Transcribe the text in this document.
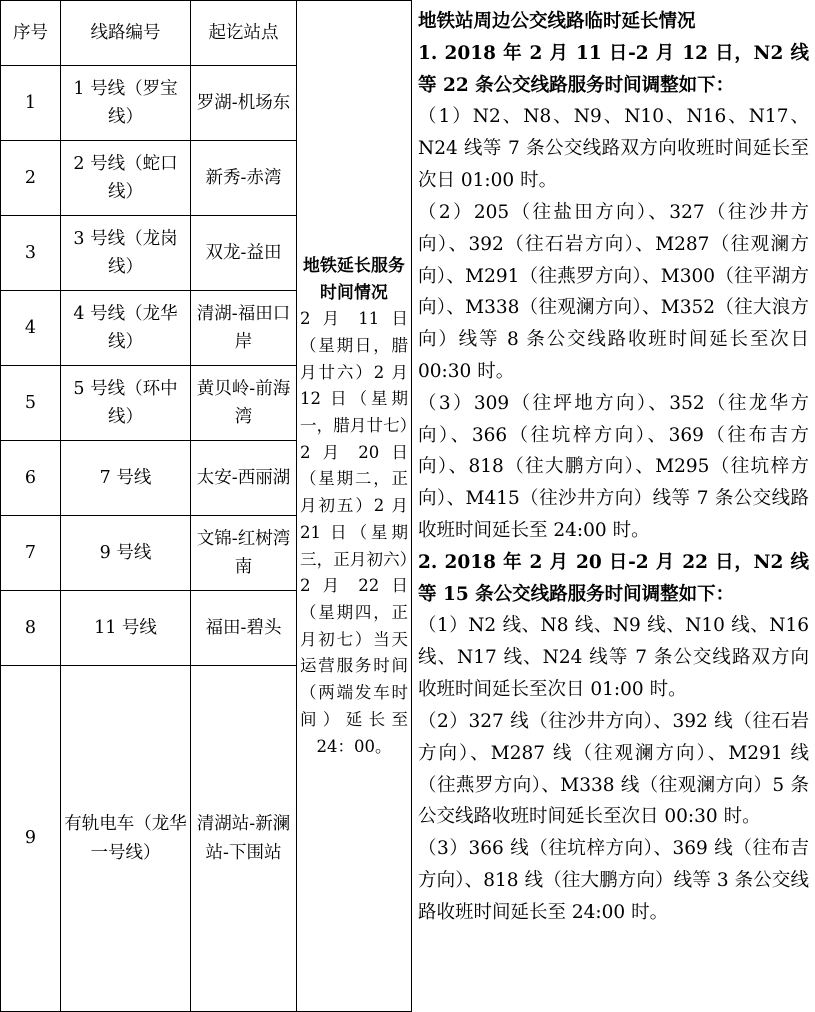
序号	线路编号	起讫站点	地铁延长服务时间情况
2 月 11 日（星期日，腊月廿六）2 月 12 日（星期一，腊月廿七）2 月 20 日（星期二，正月初五）2 月 21 日（星期三，正月初六）2 月 22 日（星期四，正月初七）当天运营服务时间（两端发车时间）延长至 24：00。

1	1 号线（罗宝线）	罗湖-机场东	
2	2 号线（蛇口线）	新秀-赤湾	
3	3 号线（龙岗线）	双龙-益田	
4	4 号线（龙华线）	清湖-福田口岸	
5	5 号线（环中线）	黄贝岭-前海湾	
6	7 号线	太安-西丽湖	
7	9 号线	文锦-红树湾南	
8	11 号线	福田-碧头	
9	有轨电车（龙华一号线）	清湖站-新澜站-下围站	

地铁站周边公交线路临时延长情况

1. 2018 年 2 月 11 日-2 月 12 日，N2 线等 22 条公交线路服务时间调整如下：

（1）N2、N8、N9、N10、N16、N17、N24 线等 7 条公交线路双方向收班时间延长至次日 01:00 时。

（2）205（往盐田方向）、327（往沙井方向）、392（往石岩方向）、M287（往观澜方向）、M291（往燕罗方向）、M300（往平湖方向）、M338（往观澜方向）、M352（往大浪方向）线等 8 条公交线路收班时间延长至次日 00:30 时。

（3）309（往坪地方向）、352（往龙华方向）、366（往坑梓方向）、369（往布吉方向）、818（往大鹏方向）、M295（往坑梓方向）、M415（往沙井方向）线等 7 条公交线路收班时间延长至 24:00 时。

2. 2018 年 2 月 20 日-2 月 22 日，N2 线等 15 条公交线路服务时间调整如下：

（1）N2 线、N8 线、N9 线、N10 线、N16 线、N17 线、N24 线等 7 条公交线路双方向收班时间延长至次日 01:00 时。

（2）327 线（往沙井方向）、392 线（往石岩方向）、M287 线（往观澜方向）、M291 线（往燕罗方向）、M338 线（往观澜方向）5 条公交线路收班时间延长至次日 00:30 时。

（3）366 线（往坑梓方向）、369 线（往布吉方向）、818 线（往大鹏方向）线等 3 条公交线路收班时间延长至 24:00 时。
